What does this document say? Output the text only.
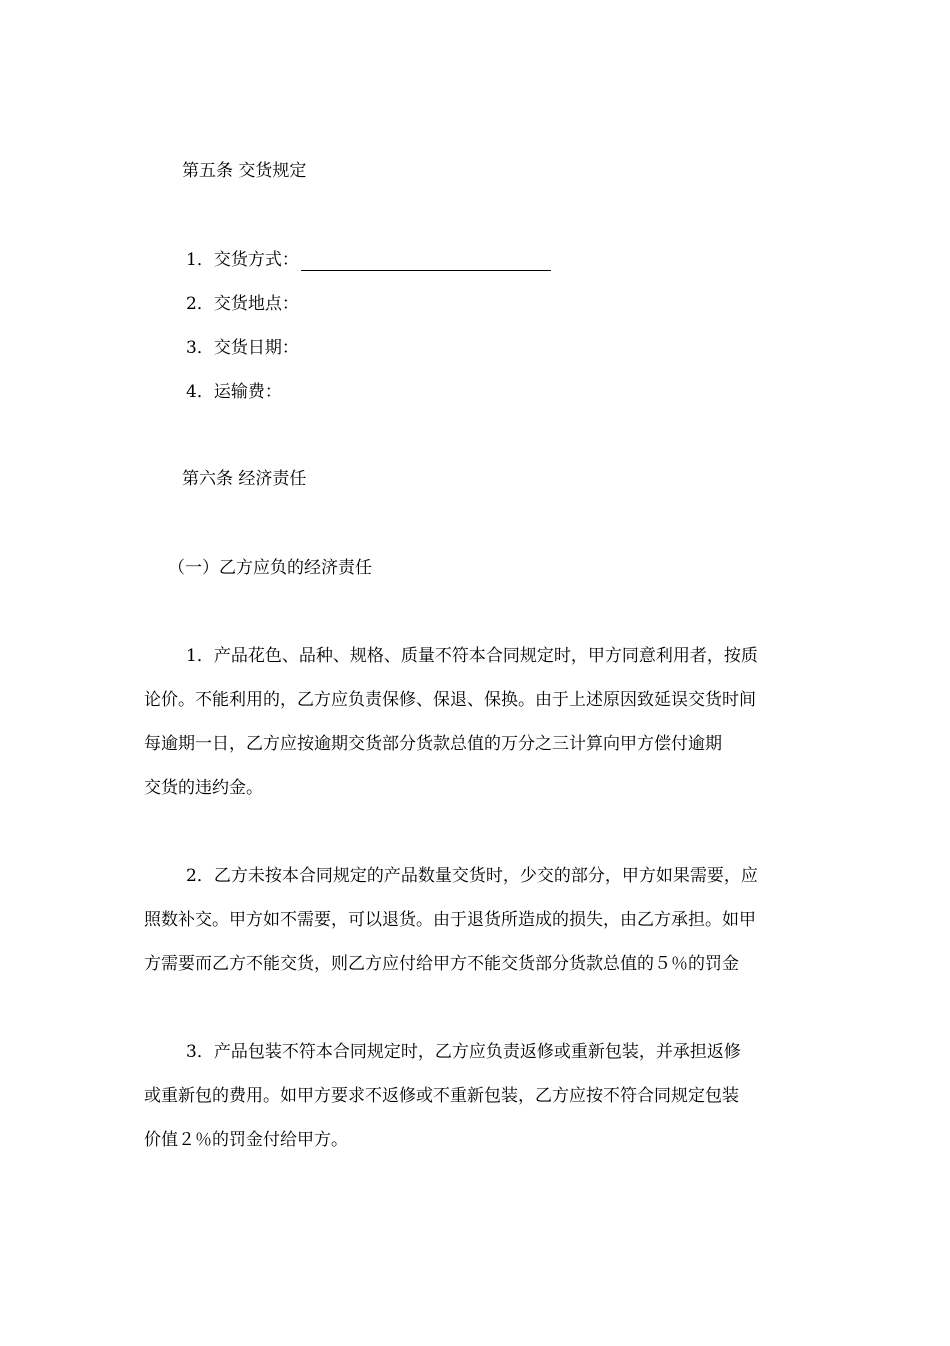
第五条 交货规定

1．交货方式：

2．交货地点：

3．交货日期：

4．运输费：

第六条 经济责任

（一）乙方应负的经济责任

1．产品花色、品种、规格、质量不符本合同规定时，甲方同意利用者，按质

论价。不能利用的，乙方应负责保修、保退、保换。由于上述原因致延误交货时间

每逾期一日，乙方应按逾期交货部分货款总值的万分之三计算向甲方偿付逾期

交货的违约金。

2．乙方未按本合同规定的产品数量交货时，少交的部分，甲方如果需要，应

照数补交。甲方如不需要，可以退货。由于退货所造成的损失，由乙方承担。如甲

方需要而乙方不能交货，则乙方应付给甲方不能交货部分货款总值的５％的罚金

3．产品包装不符本合同规定时，乙方应负责返修或重新包装，并承担返修

或重新包的费用。如甲方要求不返修或不重新包装，乙方应按不符合同规定包装

价值２％的罚金付给甲方。
